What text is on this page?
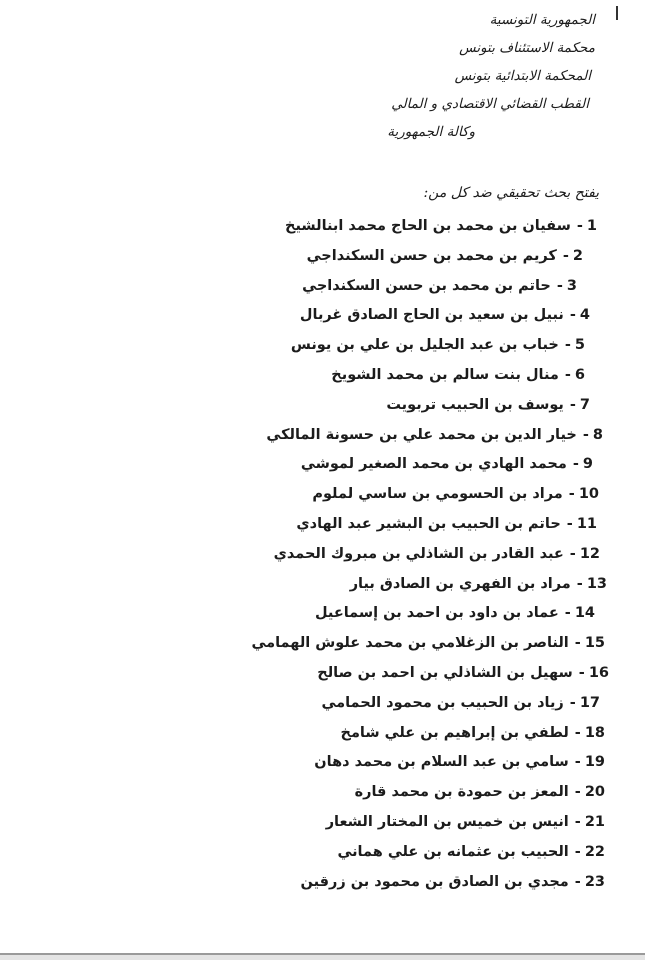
الجمهورية التونسية
محكمة الاستئناف بتونس
المحكمة الابتدائية بتونس
القطب القضائي الاقتصادي و المالي
وكالة الجمهورية
يفتح بحث تحقيقي ضد كل من:
1-سفيان بن محمد بن الحاج محمد ابنالشيخ
2-كريم بن محمد بن حسن السكنداجي
3-حاتم بن محمد بن حسن السكنداجي
4-نبيل بن سعيد بن الحاج الصادق غربال
5-خباب بن عبد الجليل بن علي بن يونس
6-منال بنت سالم بن محمد الشويخ
7-يوسف بن الحبيب تربويت
8-خيار الدين بن محمد علي بن حسونة المالكي
9-محمد الهادي بن محمد الصغير لموشي
10-مراد بن الحسومي بن ساسي لملوم
11-حاتم بن الحبيب بن البشير عبد الهادي
12-عبد القادر بن الشاذلي بن مبروك الحمدي
13-مراد بن الفهري بن الصادق بيار
14-عماد بن داود بن احمد بن إسماعيل
15-الناصر بن الزغلامي بن محمد علوش الهمامي
16-سهيل بن الشاذلي بن احمد بن صالح
17-زياد بن الحبيب بن محمود الحمامي
18-لطفي بن إبراهيم بن علي شامخ
19-سامي بن عبد السلام بن محمد دهان
20-المعز بن حمودة بن محمد قارة
21-انيس بن خميس بن المختار الشعار
22-الحبيب بن عثمانه بن علي هماني
23-مجدي بن الصادق بن محمود بن زرقين
